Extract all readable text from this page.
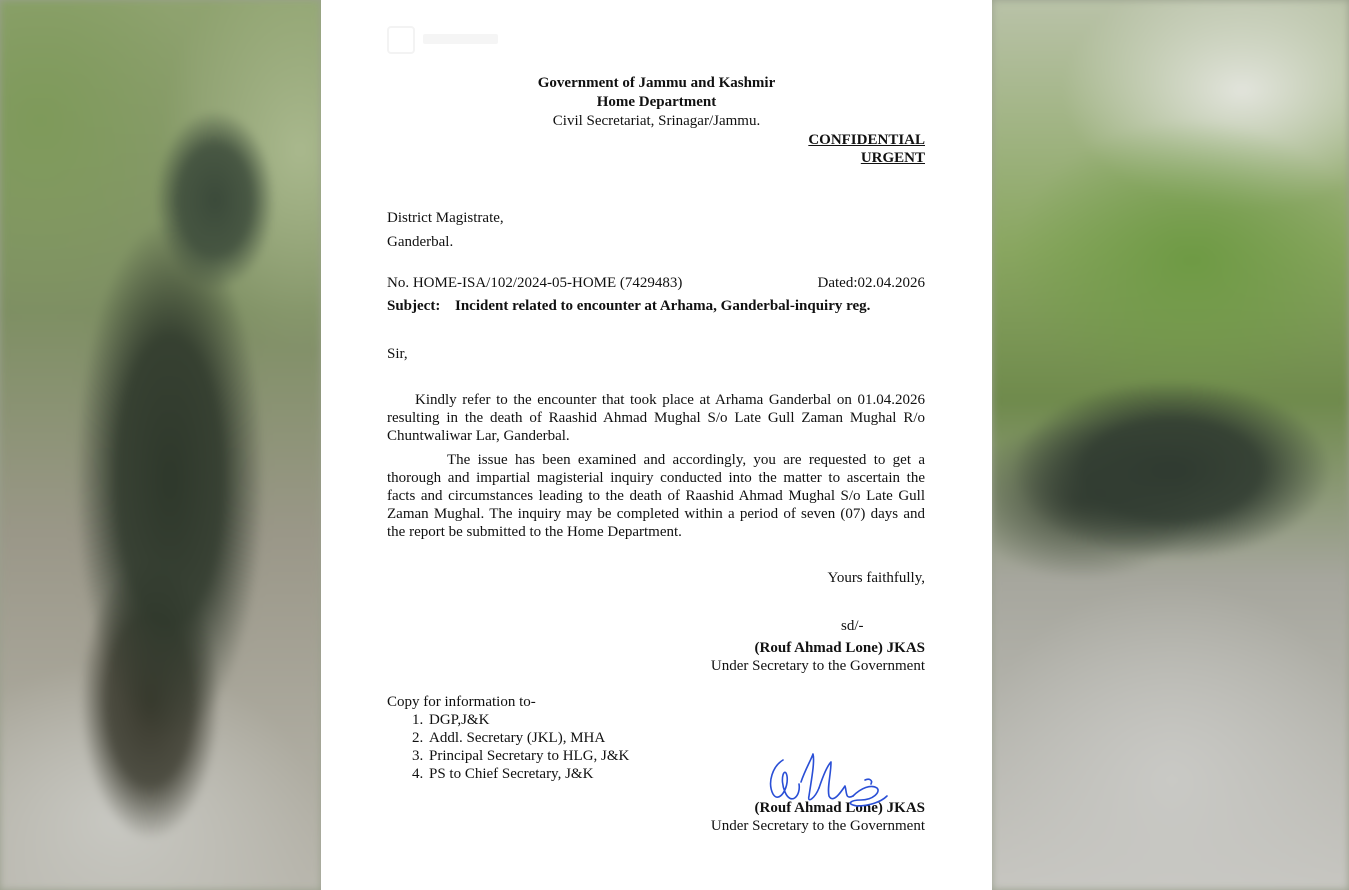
Government of Jammu and Kashmir
Home Department
Civil Secretariat, Srinagar/Jammu.
CONFIDENTIAL
URGENT
District Magistrate,
Ganderbal.
No. HOME-ISA/102/2024-05-HOME (7429483)	Dated:02.04.2026
Subject: Incident related to encounter at Arhama, Ganderbal-inquiry reg.
Sir,
Kindly refer to the encounter that took place at Arhama Ganderbal on 01.04.2026 resulting in the death of Raashid Ahmad Mughal S/o Late Gull Zaman Mughal R/o Chuntwaliwar Lar, Ganderbal.
The issue has been examined and accordingly, you are requested to get a thorough and impartial magisterial inquiry conducted into the matter to ascertain the facts and circumstances leading to the death of Raashid Ahmad Mughal S/o Late Gull Zaman Mughal. The inquiry may be completed within a period of seven (07) days and the report be submitted to the Home Department.
Yours faithfully,
sd/-
(Rouf Ahmad Lone) JKAS
Under Secretary to the Government
Copy for information to-
1. DGP,J&K
2. Addl. Secretary (JKL), MHA
3. Principal Secretary to HLG, J&K
4. PS to Chief Secretary, J&K
(Rouf Ahmad Lone) JKAS
Under Secretary to the Government
